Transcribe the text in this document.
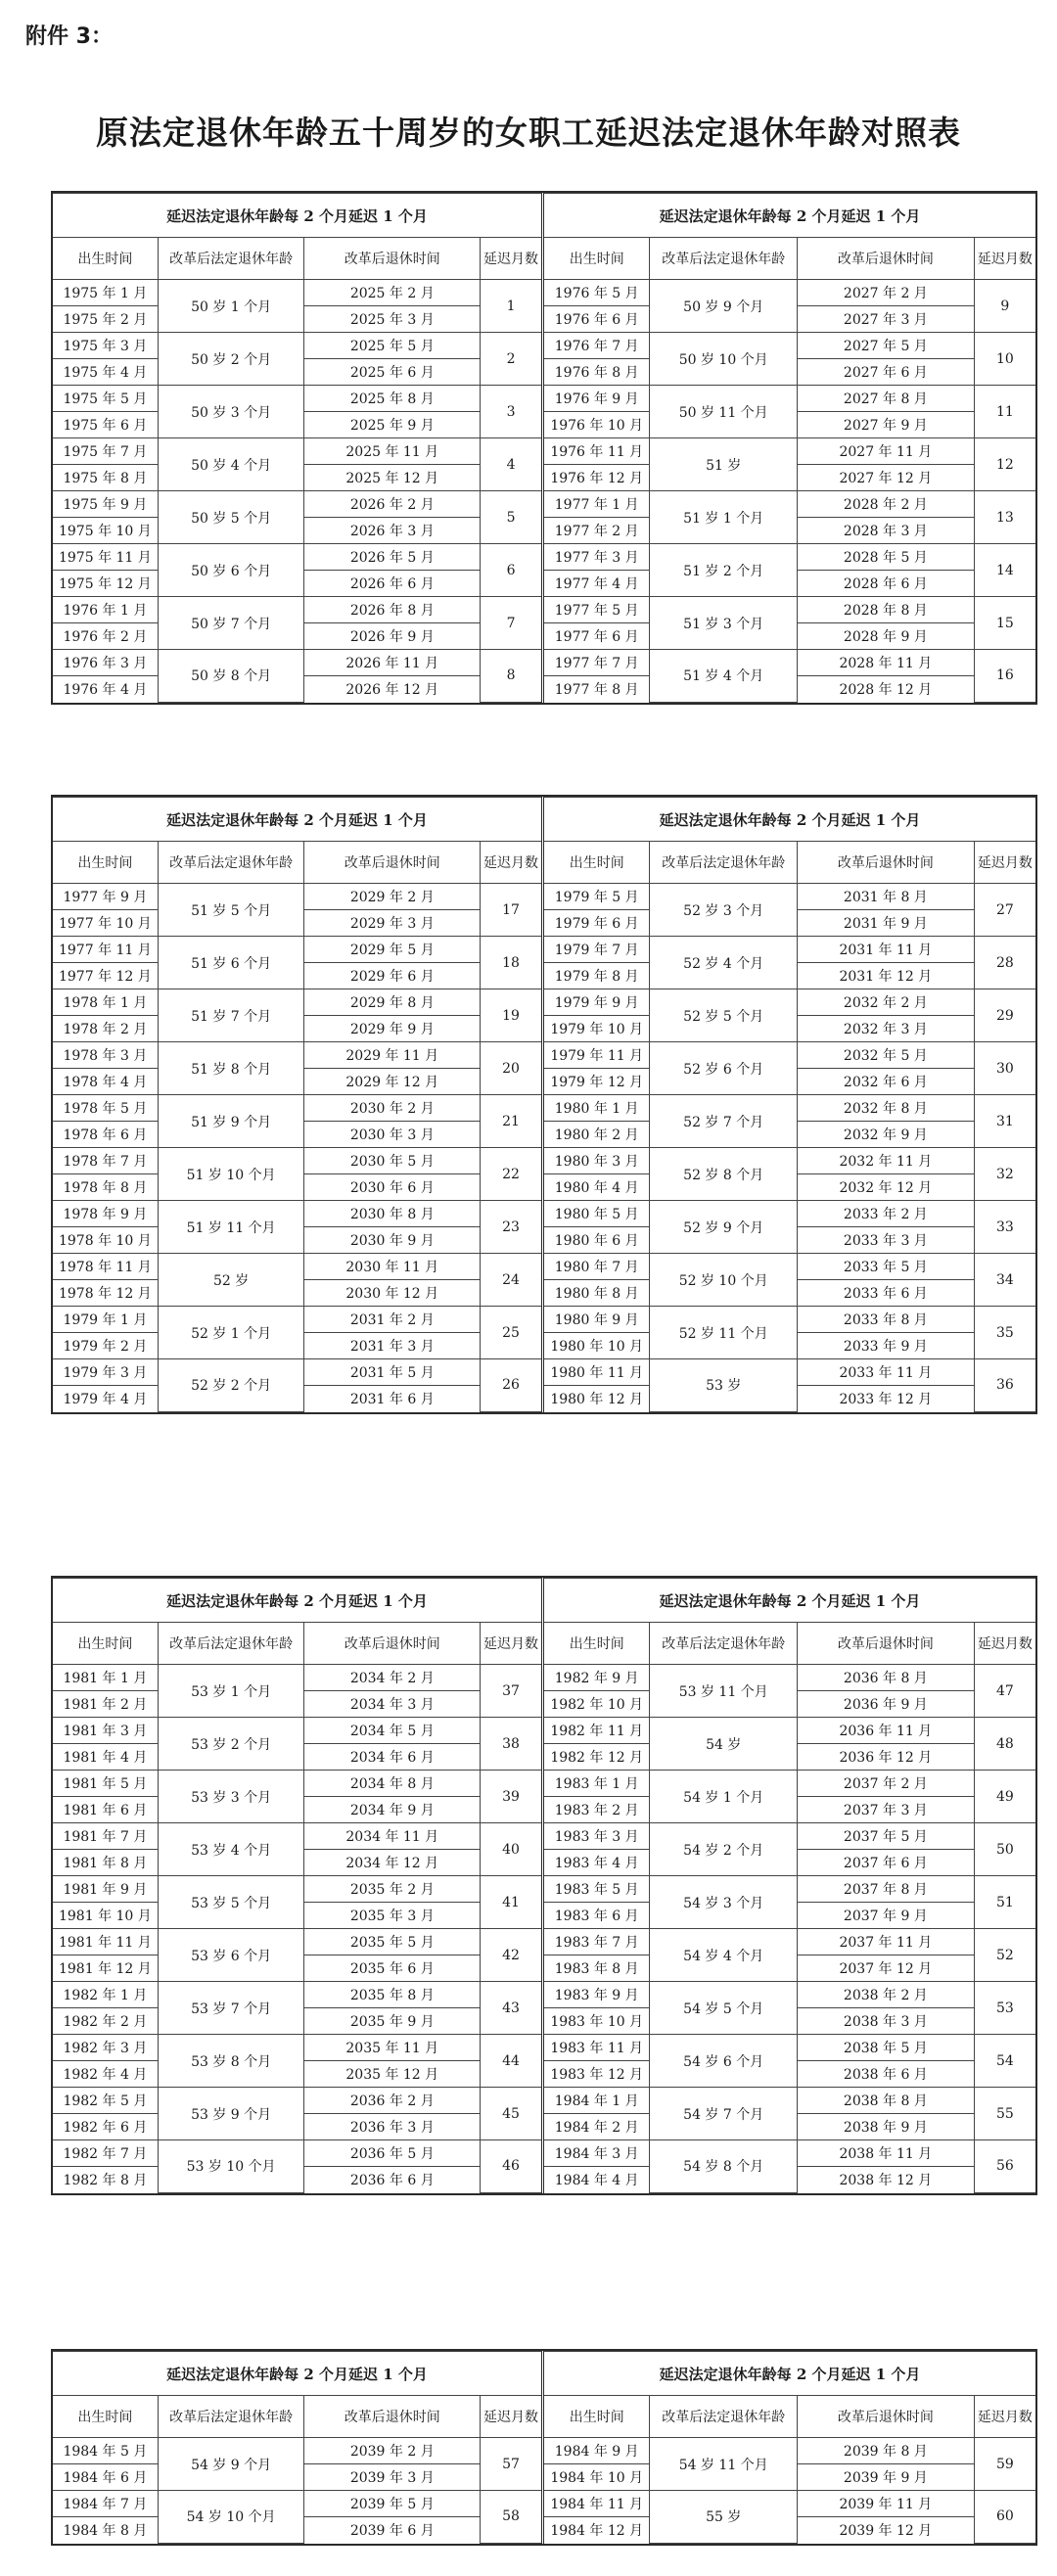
附件 3：
原法定退休年龄五十周岁的女职工延迟法定退休年龄对照表
延迟法定退休年龄每 2 个月延迟 1 个月			
出生时间	改革后法定退休年龄	改革后退休时间	延迟月数
1975 年 1 月	50 岁 1 个月	2025 年 2 月	1
1975 年 2 月		2025 年 3 月	
1975 年 3 月	50 岁 2 个月	2025 年 5 月	2
1975 年 4 月		2025 年 6 月	
1975 年 5 月	50 岁 3 个月	2025 年 8 月	3
1975 年 6 月		2025 年 9 月	
1975 年 7 月	50 岁 4 个月	2025 年 11 月	4
1975 年 8 月		2025 年 12 月	
1975 年 9 月	50 岁 5 个月	2026 年 2 月	5
1975 年 10 月		2026 年 3 月	
1975 年 11 月	50 岁 6 个月	2026 年 5 月	6
1975 年 12 月		2026 年 6 月	
1976 年 1 月	50 岁 7 个月	2026 年 8 月	7
1976 年 2 月		2026 年 9 月	
1976 年 3 月	50 岁 8 个月	2026 年 11 月	8
1976 年 4 月		2026 年 12 月	
延迟法定退休年龄每 2 个月延迟 1 个月			
出生时间	改革后法定退休年龄	改革后退休时间	延迟月数
1976 年 5 月	50 岁 9 个月	2027 年 2 月	9
1976 年 6 月		2027 年 3 月	
1976 年 7 月	50 岁 10 个月	2027 年 5 月	10
1976 年 8 月		2027 年 6 月	
1976 年 9 月	50 岁 11 个月	2027 年 8 月	11
1976 年 10 月		2027 年 9 月	
1976 年 11 月	51 岁	2027 年 11 月	12
1976 年 12 月		2027 年 12 月	
1977 年 1 月	51 岁 1 个月	2028 年 2 月	13
1977 年 2 月		2028 年 3 月	
1977 年 3 月	51 岁 2 个月	2028 年 5 月	14
1977 年 4 月		2028 年 6 月	
1977 年 5 月	51 岁 3 个月	2028 年 8 月	15
1977 年 6 月		2028 年 9 月	
1977 年 7 月	51 岁 4 个月	2028 年 11 月	16
1977 年 8 月		2028 年 12 月	
延迟法定退休年龄每 2 个月延迟 1 个月			
出生时间	改革后法定退休年龄	改革后退休时间	延迟月数
1977 年 9 月	51 岁 5 个月	2029 年 2 月	17
1977 年 10 月		2029 年 3 月	
1977 年 11 月	51 岁 6 个月	2029 年 5 月	18
1977 年 12 月		2029 年 6 月	
1978 年 1 月	51 岁 7 个月	2029 年 8 月	19
1978 年 2 月		2029 年 9 月	
1978 年 3 月	51 岁 8 个月	2029 年 11 月	20
1978 年 4 月		2029 年 12 月	
1978 年 5 月	51 岁 9 个月	2030 年 2 月	21
1978 年 6 月		2030 年 3 月	
1978 年 7 月	51 岁 10 个月	2030 年 5 月	22
1978 年 8 月		2030 年 6 月	
1978 年 9 月	51 岁 11 个月	2030 年 8 月	23
1978 年 10 月		2030 年 9 月	
1978 年 11 月	52 岁	2030 年 11 月	24
1978 年 12 月		2030 年 12 月	
1979 年 1 月	52 岁 1 个月	2031 年 2 月	25
1979 年 2 月		2031 年 3 月	
1979 年 3 月	52 岁 2 个月	2031 年 5 月	26
1979 年 4 月		2031 年 6 月	
延迟法定退休年龄每 2 个月延迟 1 个月			
出生时间	改革后法定退休年龄	改革后退休时间	延迟月数
1979 年 5 月	52 岁 3 个月	2031 年 8 月	27
1979 年 6 月		2031 年 9 月	
1979 年 7 月	52 岁 4 个月	2031 年 11 月	28
1979 年 8 月		2031 年 12 月	
1979 年 9 月	52 岁 5 个月	2032 年 2 月	29
1979 年 10 月		2032 年 3 月	
1979 年 11 月	52 岁 6 个月	2032 年 5 月	30
1979 年 12 月		2032 年 6 月	
1980 年 1 月	52 岁 7 个月	2032 年 8 月	31
1980 年 2 月		2032 年 9 月	
1980 年 3 月	52 岁 8 个月	2032 年 11 月	32
1980 年 4 月		2032 年 12 月	
1980 年 5 月	52 岁 9 个月	2033 年 2 月	33
1980 年 6 月		2033 年 3 月	
1980 年 7 月	52 岁 10 个月	2033 年 5 月	34
1980 年 8 月		2033 年 6 月	
1980 年 9 月	52 岁 11 个月	2033 年 8 月	35
1980 年 10 月		2033 年 9 月	
1980 年 11 月	53 岁	2033 年 11 月	36
1980 年 12 月		2033 年 12 月	
延迟法定退休年龄每 2 个月延迟 1 个月			
出生时间	改革后法定退休年龄	改革后退休时间	延迟月数
1981 年 1 月	53 岁 1 个月	2034 年 2 月	37
1981 年 2 月		2034 年 3 月	
1981 年 3 月	53 岁 2 个月	2034 年 5 月	38
1981 年 4 月		2034 年 6 月	
1981 年 5 月	53 岁 3 个月	2034 年 8 月	39
1981 年 6 月		2034 年 9 月	
1981 年 7 月	53 岁 4 个月	2034 年 11 月	40
1981 年 8 月		2034 年 12 月	
1981 年 9 月	53 岁 5 个月	2035 年 2 月	41
1981 年 10 月		2035 年 3 月	
1981 年 11 月	53 岁 6 个月	2035 年 5 月	42
1981 年 12 月		2035 年 6 月	
1982 年 1 月	53 岁 7 个月	2035 年 8 月	43
1982 年 2 月		2035 年 9 月	
1982 年 3 月	53 岁 8 个月	2035 年 11 月	44
1982 年 4 月		2035 年 12 月	
1982 年 5 月	53 岁 9 个月	2036 年 2 月	45
1982 年 6 月		2036 年 3 月	
1982 年 7 月	53 岁 10 个月	2036 年 5 月	46
1982 年 8 月		2036 年 6 月	
延迟法定退休年龄每 2 个月延迟 1 个月			
出生时间	改革后法定退休年龄	改革后退休时间	延迟月数
1982 年 9 月	53 岁 11 个月	2036 年 8 月	47
1982 年 10 月		2036 年 9 月	
1982 年 11 月	54 岁	2036 年 11 月	48
1982 年 12 月		2036 年 12 月	
1983 年 1 月	54 岁 1 个月	2037 年 2 月	49
1983 年 2 月		2037 年 3 月	
1983 年 3 月	54 岁 2 个月	2037 年 5 月	50
1983 年 4 月		2037 年 6 月	
1983 年 5 月	54 岁 3 个月	2037 年 8 月	51
1983 年 6 月		2037 年 9 月	
1983 年 7 月	54 岁 4 个月	2037 年 11 月	52
1983 年 8 月		2037 年 12 月	
1983 年 9 月	54 岁 5 个月	2038 年 2 月	53
1983 年 10 月		2038 年 3 月	
1983 年 11 月	54 岁 6 个月	2038 年 5 月	54
1983 年 12 月		2038 年 6 月	
1984 年 1 月	54 岁 7 个月	2038 年 8 月	55
1984 年 2 月		2038 年 9 月	
1984 年 3 月	54 岁 8 个月	2038 年 11 月	56
1984 年 4 月		2038 年 12 月	
延迟法定退休年龄每 2 个月延迟 1 个月			
出生时间	改革后法定退休年龄	改革后退休时间	延迟月数
1984 年 5 月	54 岁 9 个月	2039 年 2 月	57
1984 年 6 月		2039 年 3 月	
1984 年 7 月	54 岁 10 个月	2039 年 5 月	58
1984 年 8 月		2039 年 6 月	
延迟法定退休年龄每 2 个月延迟 1 个月			
出生时间	改革后法定退休年龄	改革后退休时间	延迟月数
1984 年 9 月	54 岁 11 个月	2039 年 8 月	59
1984 年 10 月		2039 年 9 月	
1984 年 11 月	55 岁	2039 年 11 月	60
1984 年 12 月		2039 年 12 月	
